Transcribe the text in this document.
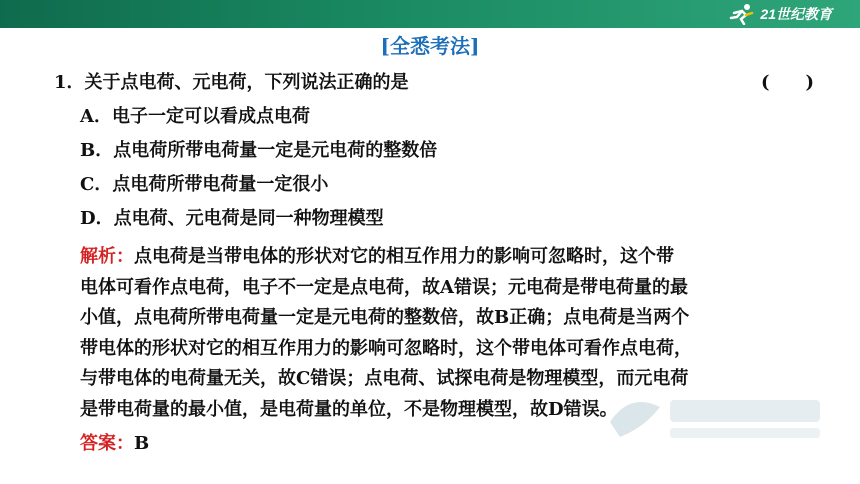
21世纪教育
[全悉考法]
1．关于点电荷、元电荷，下列说法正确的是	(　　)
A．电子一定可以看成点电荷
B．点电荷所带电荷量一定是元电荷的整数倍
C．点电荷所带电荷量一定很小
D．点电荷、元电荷是同一种物理模型
解析：点电荷是当带电体的形状对它的相互作用力的影响可忽略时，这个带
电体可看作点电荷，电子不一定是点电荷，故A错误；元电荷是带电荷量的最
小值，点电荷所带电荷量一定是元电荷的整数倍，故B正确；点电荷是当两个
带电体的形状对它的相互作用力的影响可忽略时，这个带电体可看作点电荷，
与带电体的电荷量无关，故C错误；点电荷、试探电荷是物理模型，而元电荷
是带电荷量的最小值，是电荷量的单位，不是物理模型，故D错误。
答案：B
